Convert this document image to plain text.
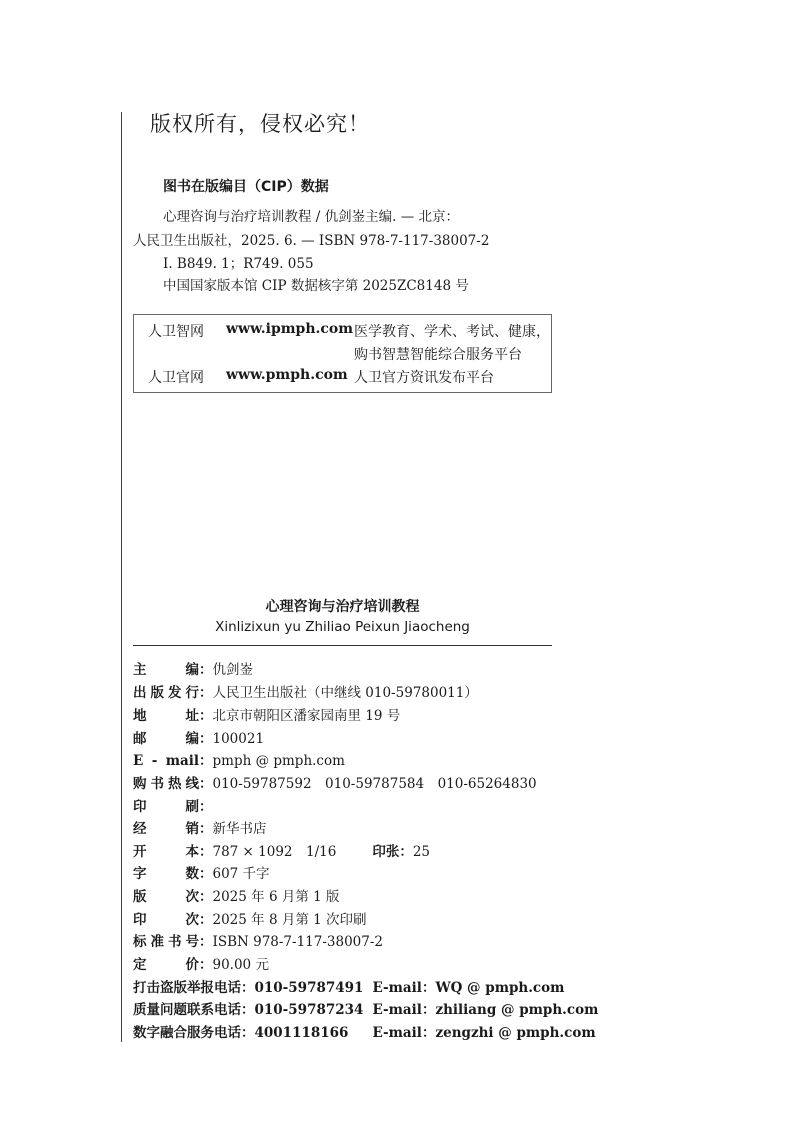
版权所有，侵权必究！
图书在版编目（CIP）数据
心理咨询与治疗培训教程 / 仇剑崟主编. — 北京：
人民卫生出版社，2025. 6. — ISBN 978-7-117-38007-2
Ⅰ. B849. 1；R749. 055
中国国家版本馆 CIP 数据核字第 2025ZC8148 号
人卫智网 www.ipmph.com 医学教育、学术、考试、健康，
购书智慧智能综合服务平台
人卫官网 www.pmph.com 人卫官方资讯发布平台
心理咨询与治疗培训教程
Xinlizixun yu Zhiliao Peixun Jiaocheng
主　　编：仇剑崟
出版发行：人民卫生出版社（中继线 010-59780011）
地　　址：北京市朝阳区潘家园南里 19 号
邮　　编：100021
E - mail：pmph @ pmph.com
购书热线：010-59787592　010-59787584　010-65264830
印　　刷：
经　　销：新华书店
开　　本：787 × 1092　1/16	印张：25
字　　数：607 千字
版　　次：2025 年 6 月第 1 版
印　　次：2025 年 8 月第 1 次印刷
标准书号：ISBN 978-7-117-38007-2
定　　价：90.00 元
打击盗版举报电话：010-59787491 E-mail：WQ @ pmph.com
质量问题联系电话：010-59787234 E-mail：zhiliang @ pmph.com
数字融合服务电话：4001118166 E-mail：zengzhi @ pmph.com
